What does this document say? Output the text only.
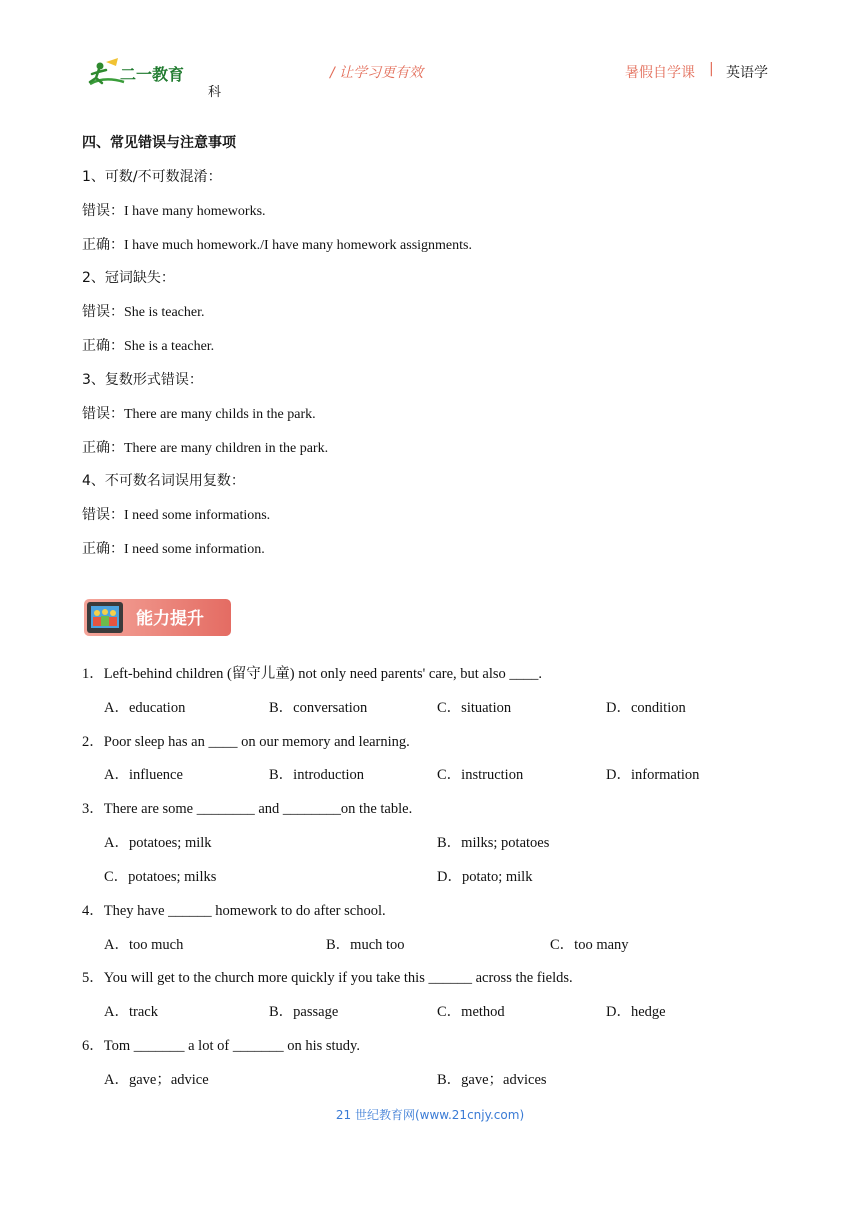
二一教育	/ 让学习更有效	暑假自学课 | 英语学
科
四、常见错误与注意事项
1、可数/不可数混淆：
错误：I have many homeworks.
正确：I have much homework./I have many homework assignments.
2、冠词缺失：
错误：She is teacher.
正确：She is a teacher.
3、复数形式错误：
错误：There are many childs in the park.
正确：There are many children in the park.
4、不可数名词误用复数：
错误：I need some informations.
正确：I need some information.
能力提升
1．Left-behind children (留守儿童) not only need parents' care, but also ____.
A．education	B．conversation	C．situation	D．condition
2．Poor sleep has an ____ on our memory and learning.
A．influence	B．introduction	C．instruction	D．information
3．There are some ________ and ________on the table.
A．potatoes; milk	B．milks; potatoes
C．potatoes; milks	D．potato; milk
4．They have ______ homework to do after school.
A．too much	B．much too	C．too many
5．You will get to the church more quickly if you take this ______ across the fields.
A．track	B．passage	C．method	D．hedge
6．Tom _______ a lot of _______ on his study.
A．gave；advice	B．gave；advices
21 世纪教育网(www.21cnjy.com)
